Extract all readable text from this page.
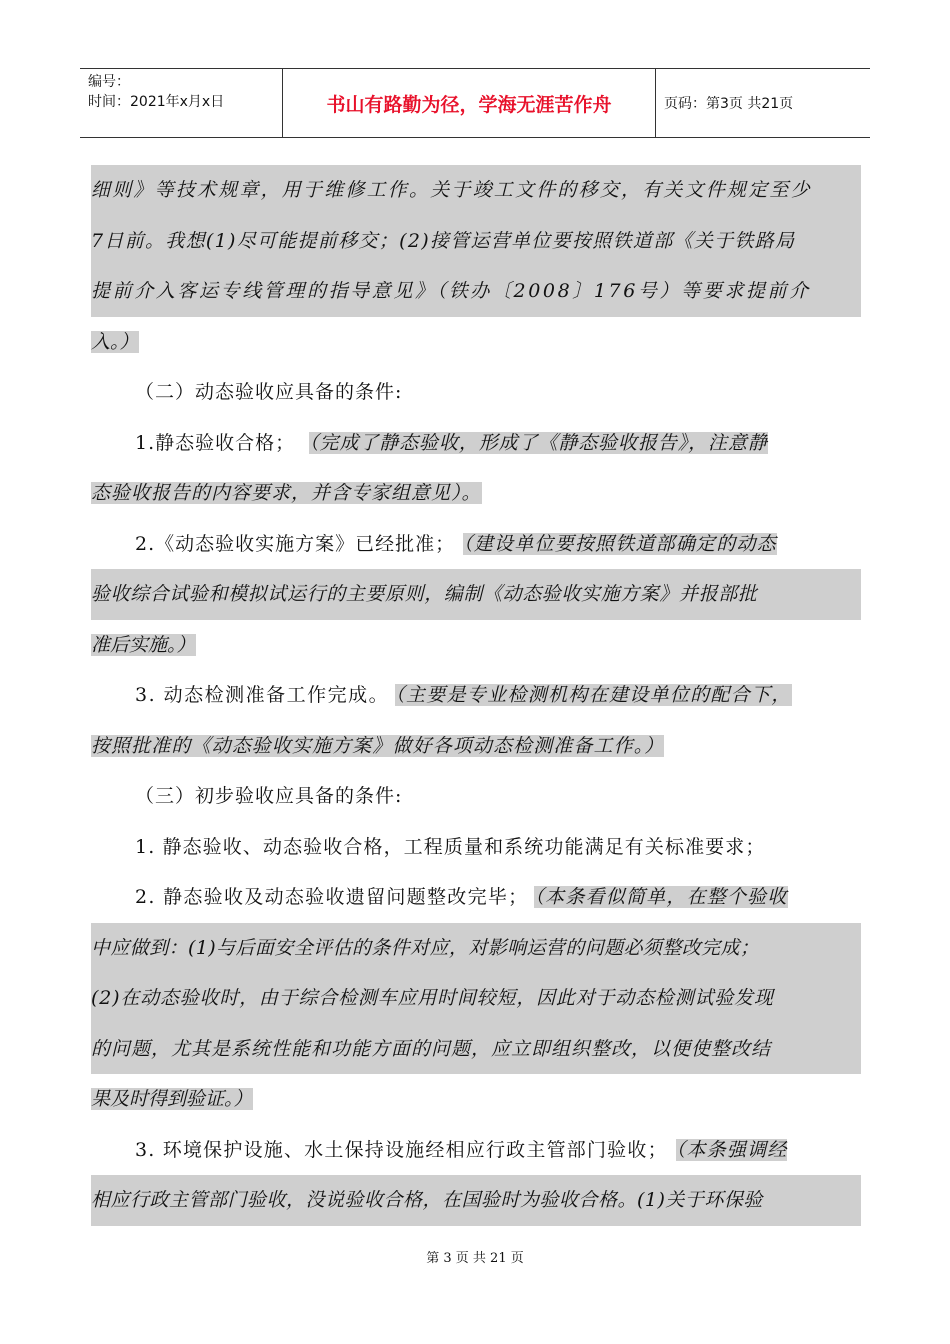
编号：
时间：2021年x月x日	书山有路勤为径，学海无涯苦作舟	页码：第3页 共21页
细则》等技术规章，用于维修工作。关于竣工文件的移交，有关文件规定至少
7日前。我想(1)尽可能提前移交；(2)接管运营单位要按照铁道部《关于铁路局
提前介入客运专线管理的指导意见》（铁办〔2008〕176号）等要求提前介
入。）
（二）动态验收应具备的条件:
1.静态验收合格； （完成了静态验收，形成了《静态验收报告》，注意静
态验收报告的内容要求，并含专家组意见）。
2.《动态验收实施方案》已经批准； （建设单位要按照铁道部确定的动态
验收综合试验和模拟试运行的主要原则，编制《动态验收实施方案》并报部批
准后实施。）
3. 动态检测准备工作完成。 （主要是专业检测机构在建设单位的配合下，
按照批准的《动态验收实施方案》做好各项动态检测准备工作。）
（三）初步验收应具备的条件:
1. 静态验收、动态验收合格，工程质量和系统功能满足有关标准要求；
2. 静态验收及动态验收遗留问题整改完毕； （本条看似简单，在整个验收
中应做到：(1)与后面安全评估的条件对应，对影响运营的问题必须整改完成；
(2)在动态验收时，由于综合检测车应用时间较短，因此对于动态检测试验发现
的问题，尤其是系统性能和功能方面的问题，应立即组织整改，以便使整改结
果及时得到验证。）
3. 环境保护设施、水土保持设施经相应行政主管部门验收； （本条强调经
相应行政主管部门验收，没说验收合格，在国验时为验收合格。(1)关于环保验
第 3 页 共 21 页
